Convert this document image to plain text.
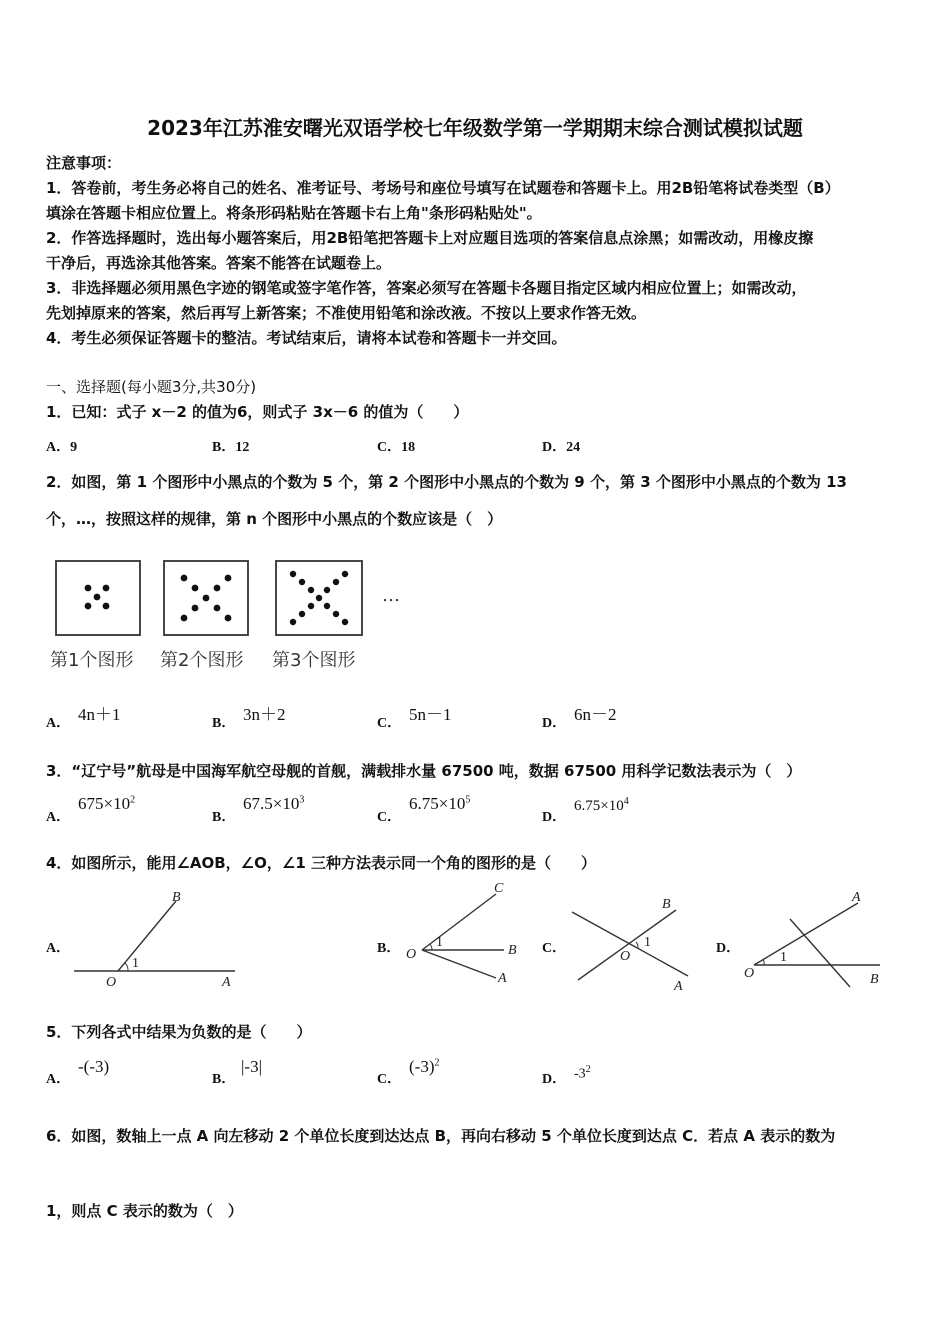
2023年江苏淮安曙光双语学校七年级数学第一学期期末综合测试模拟试题
注意事项：
1．答卷前，考生务必将自己的姓名、准考证号、考场号和座位号填写在试题卷和答题卡上。用2B铅笔将试卷类型（B）
填涂在答题卡相应位置上。将条形码粘贴在答题卡右上角"条形码粘贴处"。
2．作答选择题时，选出每小题答案后，用2B铅笔把答题卡上对应题目选项的答案信息点涂黑；如需改动，用橡皮擦
干净后，再选涂其他答案。答案不能答在试题卷上。
3．非选择题必须用黑色字迹的钢笔或签字笔作答，答案必须写在答题卡各题目指定区域内相应位置上；如需改动，
先划掉原来的答案，然后再写上新答案；不准使用铅笔和涂改液。不按以上要求作答无效。
4．考生必须保证答题卡的整洁。考试结束后，请将本试卷和答题卡一并交回。
一、选择题(每小题3分,共30分)
1．已知：式子 x－2 的值为6，则式子 3x－6 的值为（　　）
A．9	B．12	C．18	D．24
2．如图，第 1 个图形中小黑点的个数为 5 个，第 2 个图形中小黑点的个数为 9 个，第 3 个图形中小黑点的个数为 13
个，…，按照这样的规律，第 n 个图形中小黑点的个数应该是（　）
…
第1个图形 第2个图形 第3个图形
A． 4n＋1	B． 3n＋2	C． 5n－1	D． 6n－2
3．“辽宁号”航母是中国海军航空母舰的首舰，满载排水量 67500 吨，数据 67500 用科学记数法表示为（　）
A．
$675\times 10^2$
B．
$67.5\times 10^3$
C．
$6.75\times 10^5$
D．
$6.75\times 10^4$
4．如图所示，能用∠AOB，∠O，∠1 三种方法表示同一个角的图形的是（　　）
A．
O	A
B
1
B． O
A
B
C
1	C．
O
A
B
1	D．
O
A
B
1
5．下列各式中结果为负数的是（　　）
A．
-(-3)
B．
|-3|
C．
$(-3)^2$
D． $-3^2$
6．如图，数轴上一点 A 向左移动 2 个单位长度到达达点 B，再向右移动 5 个单位长度到达点 C．若点 A 表示的数为
1，则点 C 表示的数为（　）
